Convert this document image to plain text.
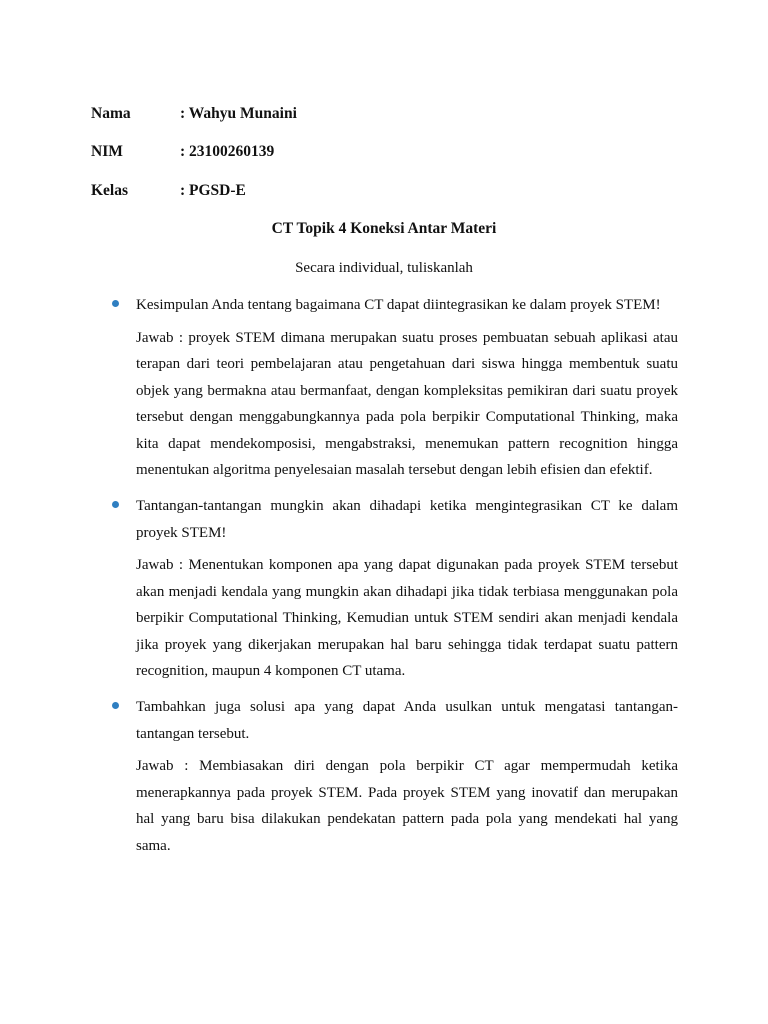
Nama	: Wahyu Munaini
NIM	: 23100260139
Kelas	: PGSD-E
CT Topik 4 Koneksi Antar Materi
Secara individual, tuliskanlah

Kesimpulan Anda tentang bagaimana CT dapat diintegrasikan ke dalam proyek STEM!

Jawab : proyek STEM dimana merupakan suatu proses pembuatan sebuah aplikasi atau terapan dari teori pembelajaran atau pengetahuan dari siswa hingga membentuk suatu objek yang bermakna atau bermanfaat, dengan kompleksitas pemikiran dari suatu proyek tersebut dengan menggabungkannya pada pola berpikir Computational Thinking, maka kita dapat mendekomposisi, mengabstraksi, menemukan pattern recognition hingga menentukan algoritma penyelesaian masalah tersebut dengan lebih efisien dan efektif.

Tantangan-tantangan mungkin akan dihadapi ketika mengintegrasikan CT ke dalam proyek STEM!

Jawab : Menentukan komponen apa yang dapat digunakan pada proyek STEM tersebut akan menjadi kendala yang mungkin akan dihadapi jika tidak terbiasa menggunakan pola berpikir Computational Thinking, Kemudian untuk STEM sendiri akan menjadi kendala jika proyek yang dikerjakan merupakan hal baru sehingga tidak terdapat suatu pattern recognition, maupun 4 komponen CT utama.

Tambahkan juga solusi apa yang dapat Anda usulkan untuk mengatasi tantangan-tantangan tersebut.

Jawab : Membiasakan diri dengan pola berpikir CT agar mempermudah ketika menerapkannya pada proyek STEM. Pada proyek STEM yang inovatif dan merupakan hal yang baru bisa dilakukan pendekatan pattern pada pola yang mendekati hal yang sama.
